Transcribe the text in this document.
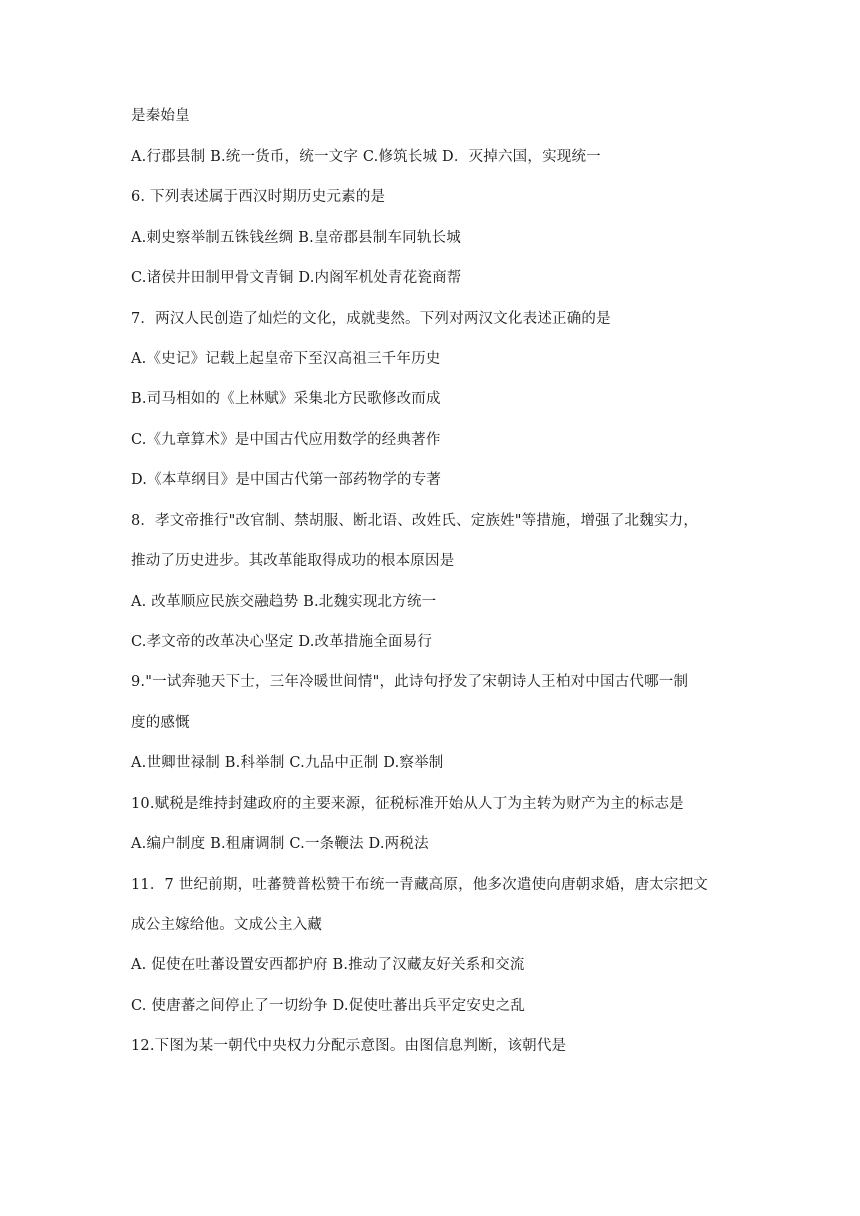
是秦始皇
A.行郡县制 B.统一货币，统一文字 C.修筑长城 D．灭掉六国，实现统一
6. 下列表述属于西汉时期历史元素的是
A.刺史察举制五铢钱丝绸 B.皇帝郡县制车同轨长城
C.诸侯井田制甲骨文青铜 D.内阁军机处青花瓷商帮
7．两汉人民创造了灿烂的文化，成就斐然。下列对两汉文化表述正确的是
A.《史记》记载上起皇帝下至汉高祖三千年历史
B.司马相如的《上林赋》采集北方民歌修改而成
C.《九章算术》是中国古代应用数学的经典著作
D.《本草纲目》是中国古代第一部药物学的专著
8．孝文帝推行"改官制、禁胡服、断北语、改姓氏、定族姓"等措施，增强了北魏实力，
推动了历史进步。其改革能取得成功的根本原因是
A. 改革顺应民族交融趋势 B.北魏实现北方统一
C.孝文帝的改革决心坚定 D.改革措施全面易行
9."一试奔驰天下士，三年冷暖世间情"，此诗句抒发了宋朝诗人王柏对中国古代哪一制
度的感慨
A.世卿世禄制 B.科举制 C.九品中正制 D.察举制
10.赋税是维持封建政府的主要来源，征税标准开始从人丁为主转为财产为主的标志是
A.编户制度 B.租庸调制 C.一条鞭法 D.两税法
11．7 世纪前期，吐蕃赞普松赞干布统一青藏高原，他多次遣使向唐朝求婚，唐太宗把文
成公主嫁给他。文成公主入藏
A. 促使在吐蕃设置安西都护府 B.推动了汉藏友好关系和交流
C. 使唐蕃之间停止了一切纷争 D.促使吐蕃出兵平定安史之乱
12.下图为某一朝代中央权力分配示意图。由图信息判断，该朝代是
